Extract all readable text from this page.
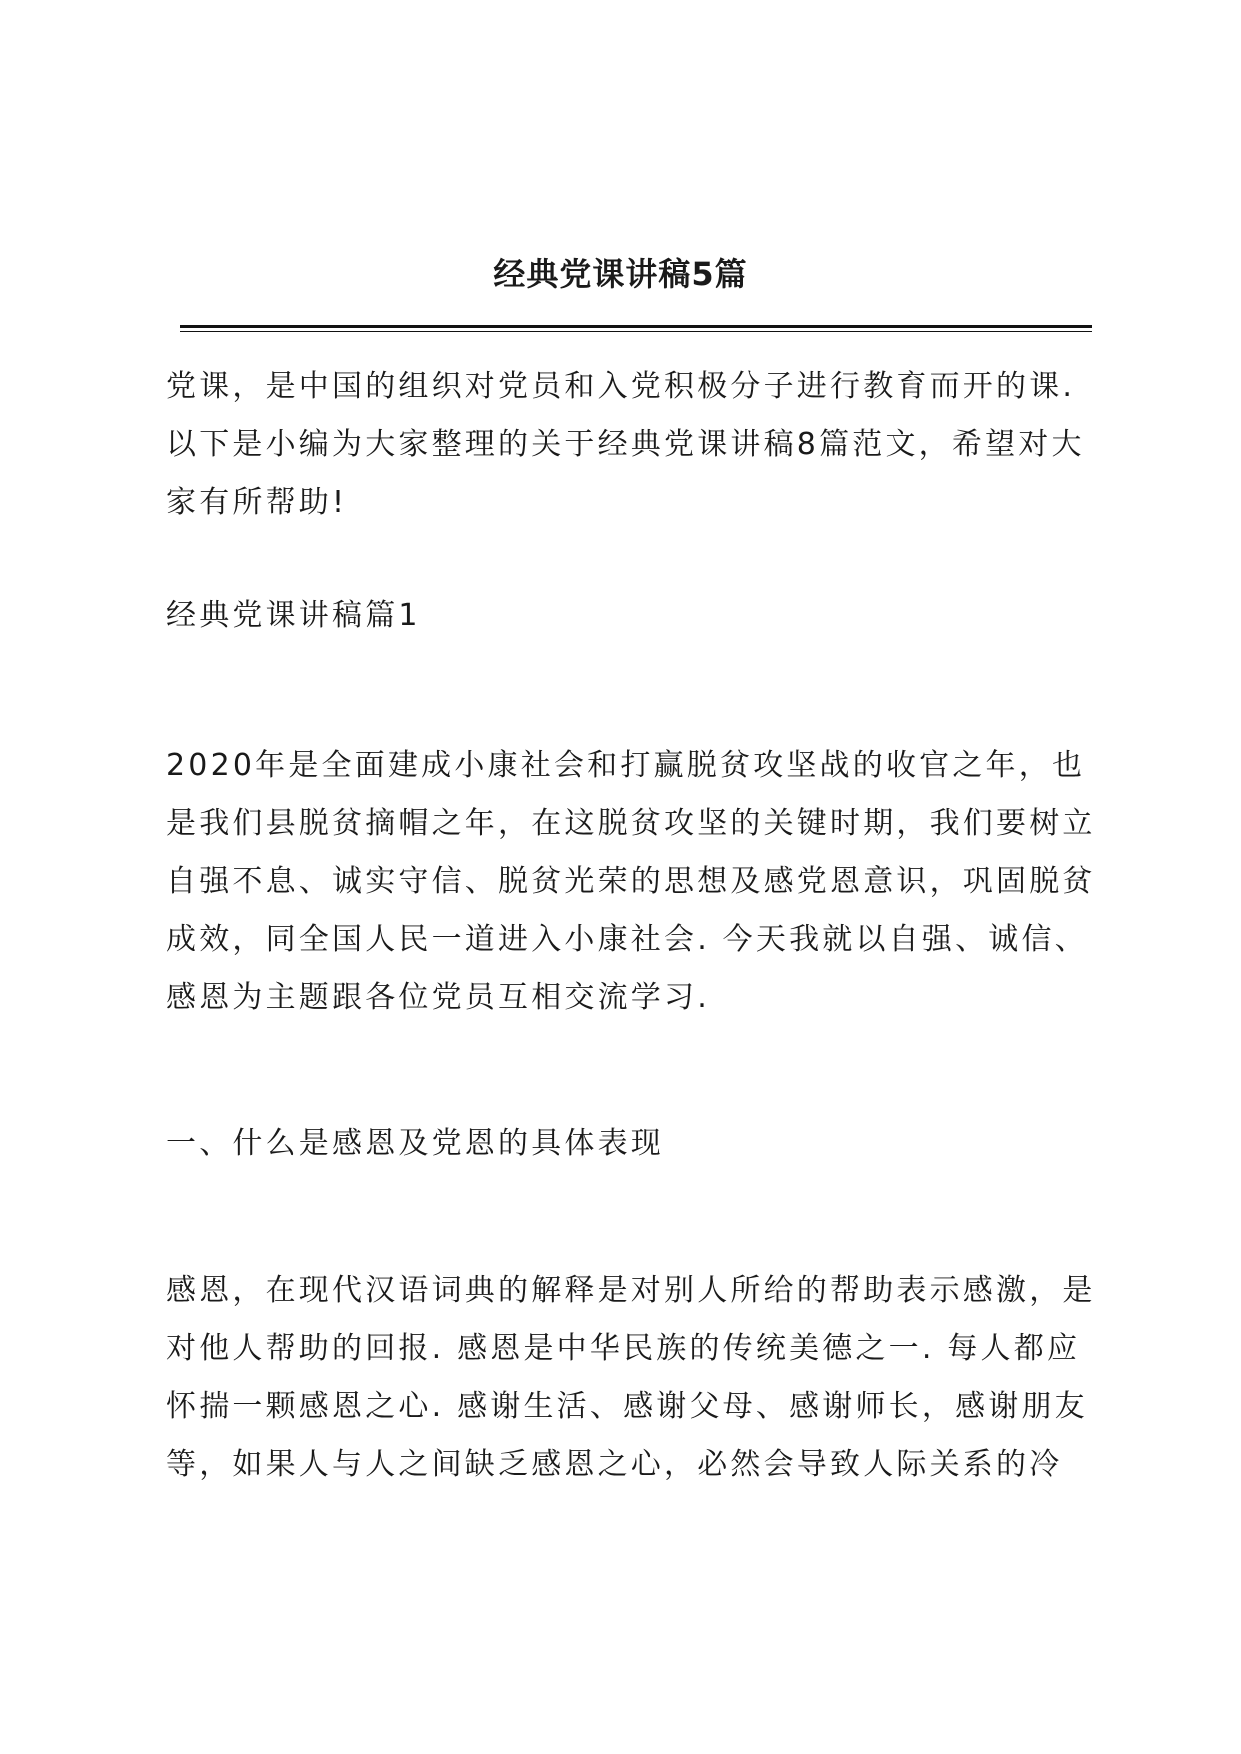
经典党课讲稿5篇
党课，是中国的组织对党员和入党积极分子进行教育而开的课.
以下是小编为大家整理的关于经典党课讲稿8篇范文，希望对大
家有所帮助!
经典党课讲稿篇1
2020年是全面建成小康社会和打赢脱贫攻坚战的收官之年，也
是我们县脱贫摘帽之年，在这脱贫攻坚的关键时期，我们要树立
自强不息、诚实守信、脱贫光荣的思想及感党恩意识，巩固脱贫
成效，同全国人民一道进入小康社会. 今天我就以自强、诚信、
感恩为主题跟各位党员互相交流学习.
一、什么是感恩及党恩的具体表现
感恩，在现代汉语词典的解释是对别人所给的帮助表示感激，是
对他人帮助的回报. 感恩是中华民族的传统美德之一. 每人都应
怀揣一颗感恩之心. 感谢生活、感谢父母、感谢师长，感谢朋友
等，如果人与人之间缺乏感恩之心，必然会导致人际关系的冷
